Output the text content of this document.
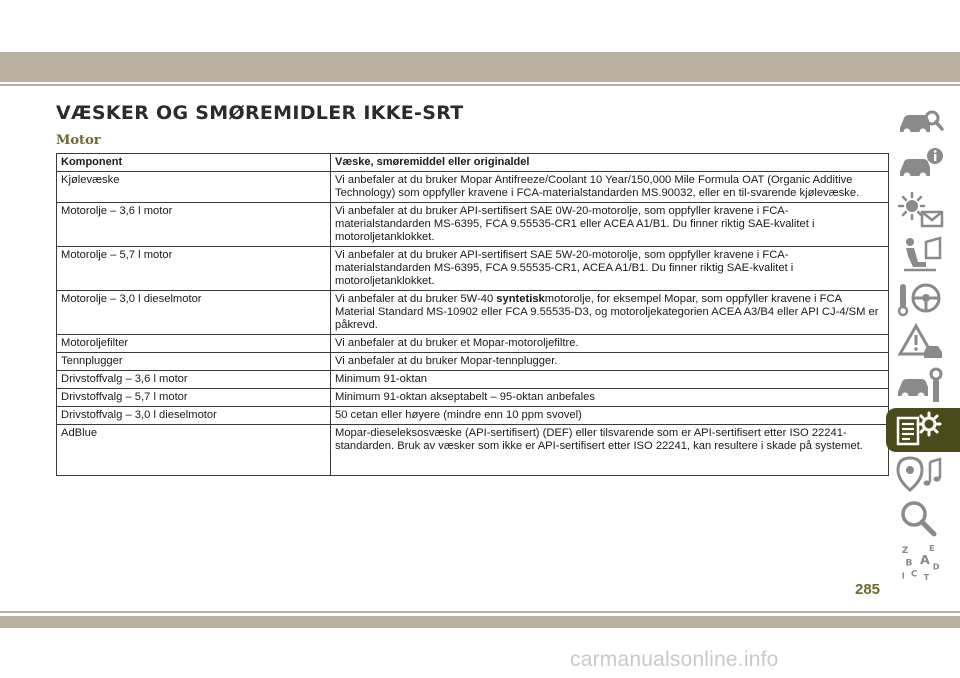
VÆSKER OG SMØREMIDLER IKKE-SRT
Motor
Komponent	Væske, smøremiddel eller originaldel
Kjølevæske	Vi anbefaler at du bruker Mopar Antifreeze/Coolant 10 Year/150,000 Mile Formula OAT (Organic Additive Technology) som oppfyller kravene i FCA-materialstandarden MS.90032, eller en til-svarende kjølevæske.
Motorolje – 3,6 l motor	Vi anbefaler at du bruker API-sertifisert SAE 0W-20-motorolje, som oppfyller kravene i FCA-materialstandarden MS-6395, FCA 9.55535-CR1 eller ACEA A1/B1. Du finner riktig SAE-kvalitet i motoroljetanklokket.
Motorolje – 5,7 l motor	Vi anbefaler at du bruker API-sertifisert SAE 5W-20-motorolje, som oppfyller kravene i FCA-materialstandarden MS-6395, FCA 9.55535-CR1, ACEA A1/B1. Du finner riktig SAE-kvalitet i motoroljetanklokket.
Motorolje – 3,0 l dieselmotor	Vi anbefaler at du bruker 5W-40 syntetiskmotorolje, for eksempel Mopar, som oppfyller kravene i FCA Material Standard MS-10902 eller FCA 9.55535-D3, og motoroljekategorien ACEA A3/B4 eller API CJ-4/SM er påkrevd.
Motoroljefilter	Vi anbefaler at du bruker et Mopar-motoroljefiltre.
Tennplugger	Vi anbefaler at du bruker Mopar-tennplugger.
Drivstoffvalg – 3,6 l motor	Minimum 91-oktan
Drivstoffvalg – 5,7 l motor	Minimum 91-oktan akseptabelt – 95-oktan anbefales
Drivstoffvalg – 3,0 l dieselmotor	50 cetan eller høyere (mindre enn 10 ppm svovel)
AdBlue	Mopar-dieseleksosvæske (API-sertifisert) (DEF) eller tilsvarende som er API-sertifisert etter ISO 22241-standarden. Bruk av væsker som ikke er API-sertifisert etter ISO 22241, kan resultere i skade på systemet.
Z E
B A
C
D
I T
285
carmanualsonline.info
